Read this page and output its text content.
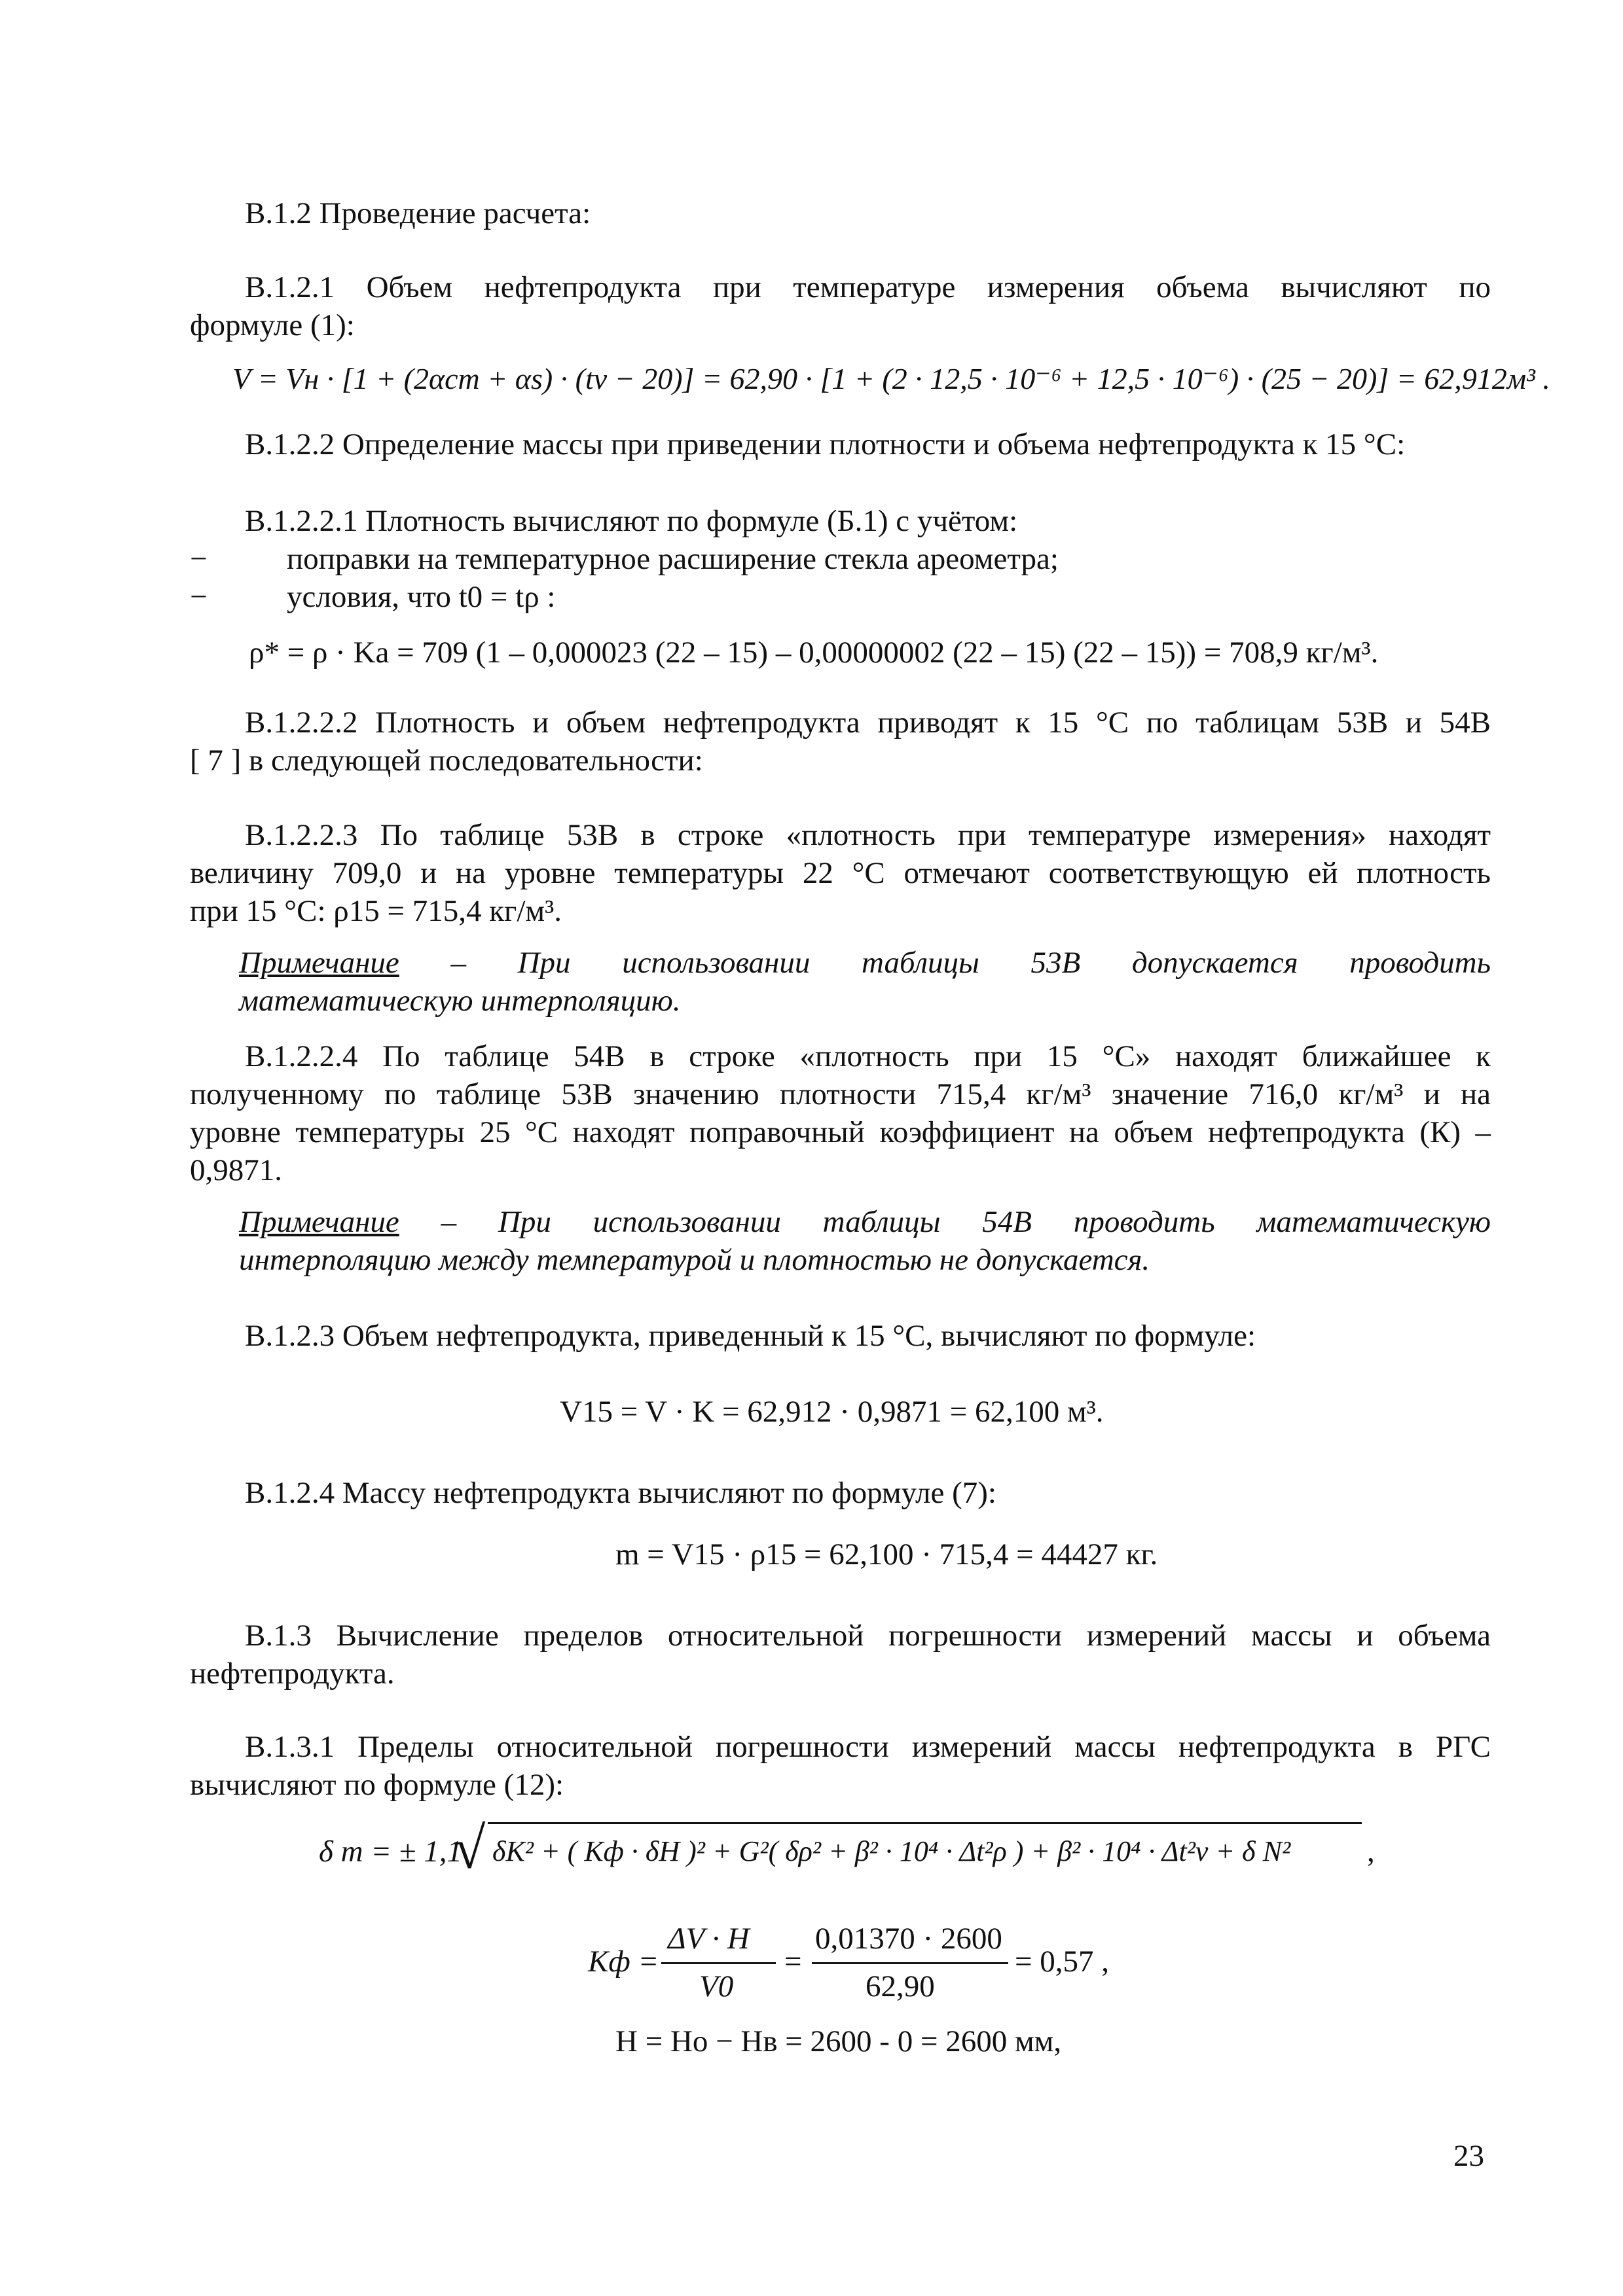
В.1.2 Проведение расчета:
В.1.2.1 Объем нефтепродукта при температуре измерения объема вычисляют по
формуле (1):
V = Vн · [1 + (2αст + αs) · (tv − 20)] = 62,90 · [1 + (2 · 12,5 · 10⁻⁶ + 12,5 · 10⁻⁶) · (25 − 20)] = 62,912м³ .
В.1.2.2 Определение массы при приведении плотности и объема нефтепродукта к 15 °С:
В.1.2.2.1 Плотность вычисляют по формуле (Б.1) с учётом:
−	поправки на температурное расширение стекла ареометра;
−	условия, что t0 = tρ :
ρ* = ρ · Ka = 709 (1 – 0,000023 (22 – 15) – 0,00000002 (22 – 15) (22 – 15)) = 708,9 кг/м³.
В.1.2.2.2 Плотность и объем нефтепродукта приводят к 15 °С по таблицам 53В и 54В
[ 7 ] в следующей последовательности:
В.1.2.2.3 По таблице 53В в строке «плотность при температуре измерения» находят
величину 709,0 и на уровне температуры 22 °С отмечают соответствующую ей плотность
при 15 °С: ρ15 = 715,4 кг/м³.
Примечание – При использовании таблицы 53В допускается проводить
математическую интерполяцию.
В.1.2.2.4 По таблице 54В в строке «плотность при 15 °С» находят ближайшее к
полученному по таблице 53В значению плотности 715,4 кг/м³ значение 716,0 кг/м³ и на
уровне температуры 25 °С находят поправочный коэффициент на объем нефтепродукта (К) –
0,9871.
Примечание – При использовании таблицы 54В проводить математическую
интерполяцию между температурой и плотностью не допускается.
В.1.2.3 Объем нефтепродукта, приведенный к 15 °С, вычисляют по формуле:
V15 = V · K = 62,912 · 0,9871 = 62,100 м³.
В.1.2.4 Массу нефтепродукта вычисляют по формуле (7):
m = V15 · ρ15 = 62,100 · 715,4 = 44427 кг.
В.1.3 Вычисление пределов относительной погрешности измерений массы и объема
нефтепродукта.
В.1.3.1 Пределы относительной погрешности измерений массы нефтепродукта в РГС
вычисляют по формуле (12):
δ m = ± 1,1
√ δK² + ( Kф · δH )² + G²( δρ² + β² · 10⁴ · Δt²ρ ) + β² · 10⁴ · Δt²v + δ N² ,
Kф =
ΔV · H
V0
=
0,01370 · 2600
62,90
= 0,57 ,
H = Hо − Hв = 2600 - 0 = 2600 мм,
23
